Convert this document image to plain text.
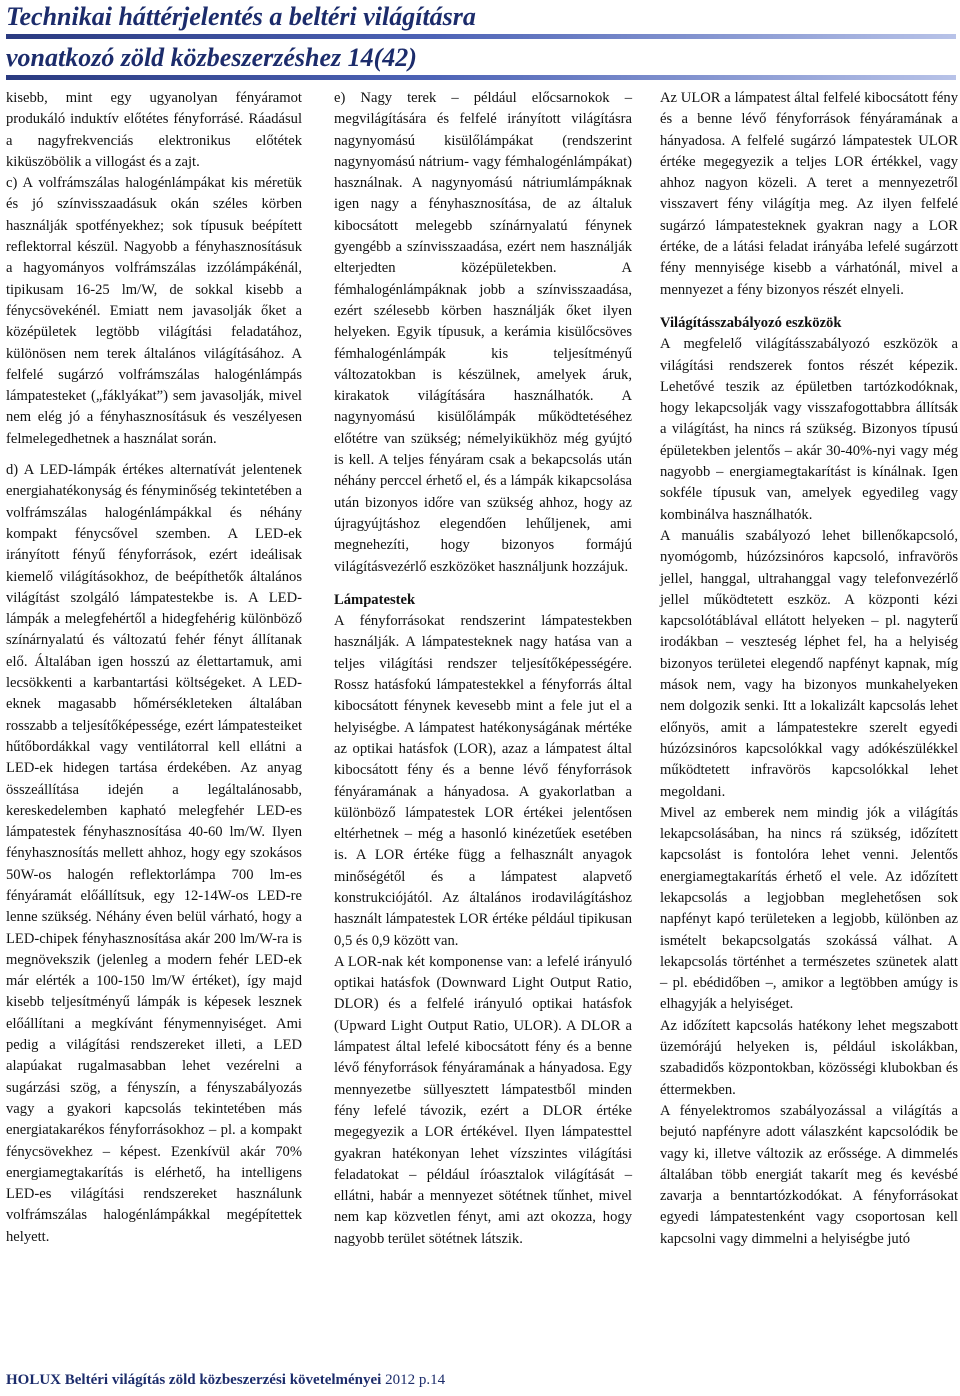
Technikai háttérjelentés a beltéri világításra
vonatkozó zöld közbeszerzéshez 14(42)

kisebb, mint egy ugyanolyan fényáramot produkáló induktív előtétes fényforrásé. Ráadásul a nagyfrekvenciás elektronikus előtétek kiküszöbölik a villogást és a zajt.

c) A volfrámszálas halogénlámpákat kis méretük és jó színvisszaadásuk okán széles körben használják spotfényekhez; sok típusuk beépített reflektorral készül. Nagyobb a fényhasznosításuk a hagyományos volfrámszálas izzólámpákénál, tipikusam 16-25 lm/W, de sokkal kisebb a fénycsövekénél. Emiatt nem javasolják őket a középületek legtöbb világítási feladatához, különösen nem terek általános világításához. A felfelé sugárzó volfrámszálas halogénlámpás lámpatesteket („fáklyákat”) sem javasolják, mivel nem elég jó a fényhasznosításuk és veszélyesen felmelegedhetnek a használat során.

d) A LED-lámpák értékes alternatívát jelentenek energiahatékonyság és fényminőség tekintetében a volfrámszálas halogénlámpákkal és néhány kompakt fénycsővel szemben. A LED-ek irányított fényű fényforrások, ezért ideálisak kiemelő világításokhoz, de beépíthetők általános világítást szolgáló lámpatestekbe is. A LED-lámpák a melegfehértől a hidegfehérig különböző színárnyalatú és változatú fehér fényt állítanak elő. Általában igen hosszú az élettartamuk, ami lecsökkenti a karbantartási költségeket. A LED-eknek magasabb hőmérsékleteken általában rosszabb a teljesítőképessége, ezért lámpatesteiket hűtőbordákkal vagy ventilátorral kell ellátni a LED-ek hidegen tartása érdekében. Az anyag összeállítása idején a legáltalánosabb, kereskedelemben kapható melegfehér LED-es lámpatestek fényhasznosítása 40-60 lm/W. Ilyen fényhasznosítás mellett ahhoz, hogy egy szokásos 50W-os halogén reflektorlámpa 700 lm-es fényáramát előállítsuk, egy 12-14W-os LED-re lenne szükség. Néhány éven belül várható, hogy a LED-chipek fényhasznosítása akár 200 lm/W-ra is megnövekszik (jelenleg a modern fehér LED-ek már elérték a 100-150 lm/W értéket), így majd kisebb teljesítményű lámpák is képesek lesznek előállítani a megkívánt fénymennyiséget. Ami pedig a világítási rendszereket illeti, a LED alapúakat rugalmasabban lehet vezérelni a sugárzási szög, a fényszín, a fényszabályozás vagy a gyakori kapcsolás tekintetében más energiatakarékos fényforrásokhoz – pl. a kompakt fénycsövekhez – képest. Ezenkívül akár 70% energiamegtakarítás is elérhető, ha intelligens LED-es világítási rendszereket használunk volfrámszálas halogénlámpákkal megépítettek helyett.

e) Nagy terek – például előcsarnokok – megvilágítására és felfelé irányított világításra nagynyomású kisülőlámpákat (rendszerint nagynyomású nátrium- vagy fémhalogénlámpákat) használnak. A nagynyomású nátriumlámpáknak igen nagy a fényhasznosítása, de az általuk kibocsátott melegebb színárnyalatú fénynek gyengébb a színvisszaadása, ezért nem használják elterjedten középületekben. A fémhalogénlámpáknak jobb a színvisszaadása, ezért szélesebb körben használják őket ilyen helyeken. Egyik típusuk, a kerámia kisülőcsöves fémhalogénlámpák kis teljesítményű változatokban is készülnek, amelyek áruk, kirakatok világítására használhatók. A nagynyomású kisülőlámpák működtetéséhez előtétre van szükség; némelyikükhöz még gyújtó is kell. A teljes fényáram csak a bekapcsolás után néhány perccel érhető el, és a lámpák kikapcsolása után bizonyos időre van szükség ahhoz, hogy az újragyújtáshoz elegendően lehűljenek, ami megnehezíti, hogy bizonyos formájú világításvezérlő eszközöket használjunk hozzájuk.

Lámpatestek

A fényforrásokat rendszerint lámpatestekben használják. A lámpatesteknek nagy hatása van a teljes világítási rendszer teljesítőképességére. Rossz hatásfokú lámpatestekkel a fényforrás által kibocsátott fénynek kevesebb mint a fele jut el a helyiségbe. A lámpatest hatékonyságának mértéke az optikai hatásfok (LOR), azaz a lámpatest által kibocsátott fény és a benne lévő fényforrások fényáramának a hányadosa. A gyakorlatban a különböző lámpatestek LOR értékei jelentősen eltérhetnek – még a hasonló kinézetűek esetében is. A LOR értéke függ a felhasznált anyagok minőségétől és a lámpatest alapvető konstrukciójától. Az általános irodavilágításhoz használt lámpatestek LOR értéke például tipikusan 0,5 és 0,9 között van.

A LOR-nak két komponense van: a lefelé irányuló optikai hatásfok (Downward Light Output Ratio, DLOR) és a felfelé irányuló optikai hatásfok (Upward Light Output Ratio, ULOR). A DLOR a lámpatest által lefelé kibocsátott fény és a benne lévő fényforrások fényáramának a hányadosa. Egy mennyezetbe süllyesztett lámpatestből minden fény lefelé távozik, ezért a DLOR értéke megegyezik a LOR értékével. Ilyen lámpatesttel gyakran hatékonyan lehet vízszintes világítási feladatokat – például íróasztalok világítását – ellátni, habár a mennyezet sötétnek tűnhet, mivel nem kap közvetlen fényt, ami azt okozza, hogy nagyobb terület sötétnek látszik.

Az ULOR a lámpatest által felfelé kibocsátott fény és a benne lévő fényforrások fényáramának a hányadosa. A felfelé sugárzó lámpatestek ULOR értéke megegyezik a teljes LOR értékkel, vagy ahhoz nagyon közeli. A teret a mennyezetről visszavert fény világítja meg. Az ilyen felfelé sugárzó lámpatesteknek gyakran nagy a LOR értéke, de a látási feladat irányába lefelé sugárzott fény mennyisége kisebb a várhatónál, mivel a mennyezet a fény bizonyos részét elnyeli.

Világításszabályozó eszközök

A megfelelő világításszabályozó eszközök a világítási rendszerek fontos részét képezik. Lehetővé teszik az épületben tartózkodóknak, hogy lekapcsolják vagy visszafogottabbra állítsák a világítást, ha nincs rá szükség. Bizonyos típusú épületekben jelentős – akár 30-40%-nyi vagy még nagyobb – energiamegtakarítást is kínálnak. Igen sokféle típusuk van, amelyek egyedileg vagy kombinálva használhatók.

A manuális szabályozó lehet billenőkapcsoló, nyomógomb, húzózsinóros kapcsoló, infravörös jellel, hanggal, ultrahanggal vagy telefonvezérlő jellel működtetett eszköz. A központi kézi kapcsolótáblával ellátott helyeken – pl. nagyterű irodákban – veszteség léphet fel, ha a helyiség bizonyos területei elegendő napfényt kapnak, míg mások nem, vagy ha bizonyos munkahelyeken nem dolgozik senki. Itt a lokalizált kapcsolás lehet előnyös, amit a lámpatestekre szerelt egyedi húzózsinóros kapcsolókkal vagy adókészülékkel működtetett infravörös kapcsolókkal lehet megoldani.

Mivel az emberek nem mindig jók a világítás lekapcsolásában, ha nincs rá szükség, időzített kapcsolást is fontolóra lehet venni. Jelentős energiamegtakarítás érhető el vele. Az időzített lekapcsolás a legjobban meglehetősen sok napfényt kapó területeken a legjobb, különben az ismételt bekapcsolgatás szokássá válhat. A lekapcsolás történhet a természetes szünetek alatt – pl. ebédidőben –, amikor a legtöbben amúgy is elhagyják a helyiséget.

Az időzített kapcsolás hatékony lehet megszabott üzemórájú helyeken is, például iskolákban, szabadidős központokban, közösségi klubokban és éttermekben.

A fényelektromos szabályozással a világítás a bejutó napfényre adott válaszként kapcsolódik be vagy ki, illetve változik az erőssége. A dimmelés általában több energiát takarít meg és kevésbé zavarja a benntartózkodókat. A fényforrásokat egyedi lámpatestenként vagy csoportosan kell kapcsolni vagy dimmelni a helyiségbe jutó

HOLUX Beltéri világítás zöld közbeszerzési követelményei 2012 p.14
